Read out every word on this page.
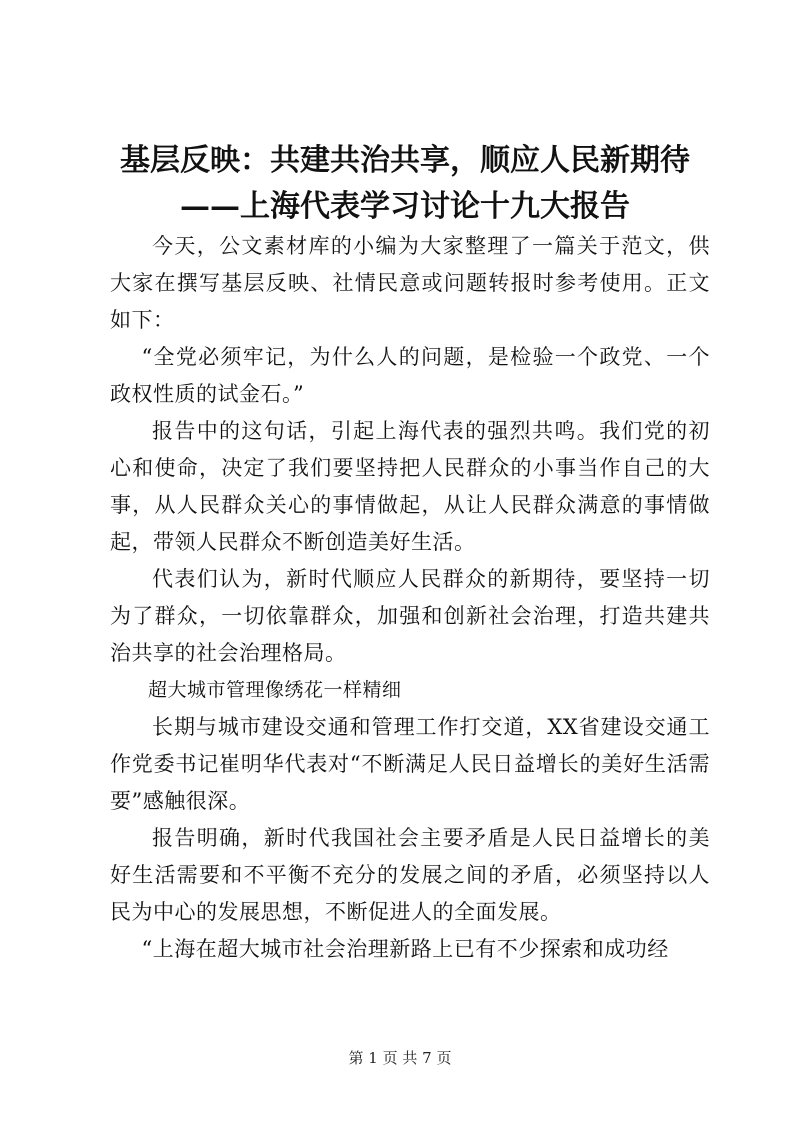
基层反映：共建共治共享，顺应人民新期待——上海代表学习讨论十九大报告

今天，公文素材库的小编为大家整理了一篇关于范文，供大家在撰写基层反映、社情民意或问题转报时参考使用。正文如下：

“全党必须牢记，为什么人的问题，是检验一个政党、一个政权性质的试金石。”

报告中的这句话，引起上海代表的强烈共鸣。我们党的初心和使命，决定了我们要坚持把人民群众的小事当作自己的大事，从人民群众关心的事情做起，从让人民群众满意的事情做起，带领人民群众不断创造美好生活。

代表们认为，新时代顺应人民群众的新期待，要坚持一切为了群众，一切依靠群众，加强和创新社会治理，打造共建共治共享的社会治理格局。

超大城市管理像绣花一样精细

长期与城市建设交通和管理工作打交道，XX省建设交通工作党委书记崔明华代表对“不断满足人民日益增长的美好生活需要”感触很深。

报告明确，新时代我国社会主要矛盾是人民日益增长的美好生活需要和不平衡不充分的发展之间的矛盾，必须坚持以人民为中心的发展思想，不断促进人的全面发展。

“上海在超大城市社会治理新路上已有不少探索和成功经

第 1 页 共 7 页
